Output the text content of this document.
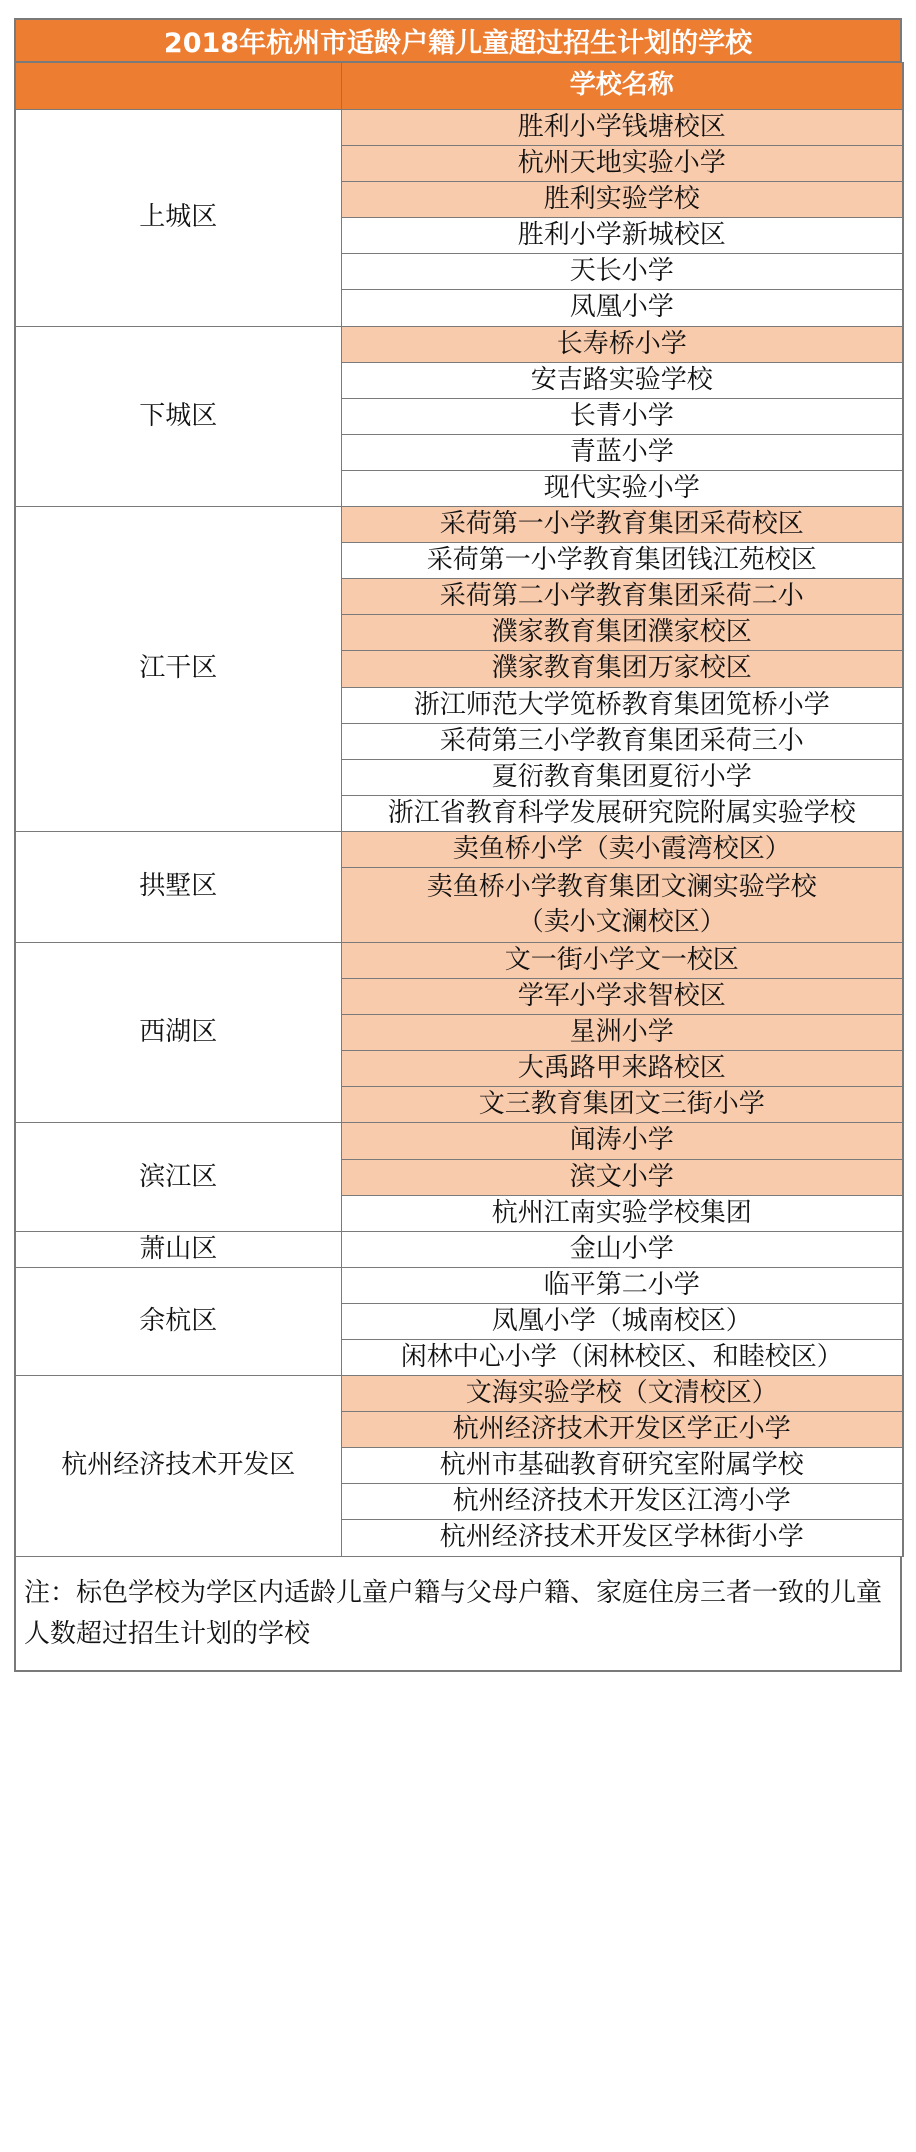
2018年杭州市适龄户籍儿童超过招生计划的学校
	学校名称
上城区	胜利小学钱塘校区
	杭州天地实验小学
	胜利实验学校
	胜利小学新城校区
	天长小学
	凤凰小学
下城区	长寿桥小学
	安吉路实验学校
	长青小学
	青蓝小学
	现代实验小学
江干区	采荷第一小学教育集团采荷校区
	采荷第一小学教育集团钱江苑校区
	采荷第二小学教育集团采荷二小
	濮家教育集团濮家校区
	濮家教育集团万家校区
	浙江师范大学笕桥教育集团笕桥小学
	采荷第三小学教育集团采荷三小
	夏衍教育集团夏衍小学
	浙江省教育科学发展研究院附属实验学校
拱墅区	卖鱼桥小学（卖小霞湾校区）
	卖鱼桥小学教育集团文澜实验学校
（卖小文澜校区）
西湖区	文一街小学文一校区
	学军小学求智校区
	星洲小学
	大禹路甲来路校区
	文三教育集团文三街小学
滨江区	闻涛小学
	滨文小学
	杭州江南实验学校集团
萧山区	金山小学
余杭区	临平第二小学
	凤凰小学（城南校区）
	闲林中心小学（闲林校区、和睦校区）
杭州经济技术开发区	文海实验学校（文清校区）
	杭州经济技术开发区学正小学
	杭州市基础教育研究室附属学校
	杭州经济技术开发区江湾小学
	杭州经济技术开发区学林街小学
注：标色学校为学区内适龄儿童户籍与父母户籍、家庭住房三者一致的儿童人数超过招生计划的学校
